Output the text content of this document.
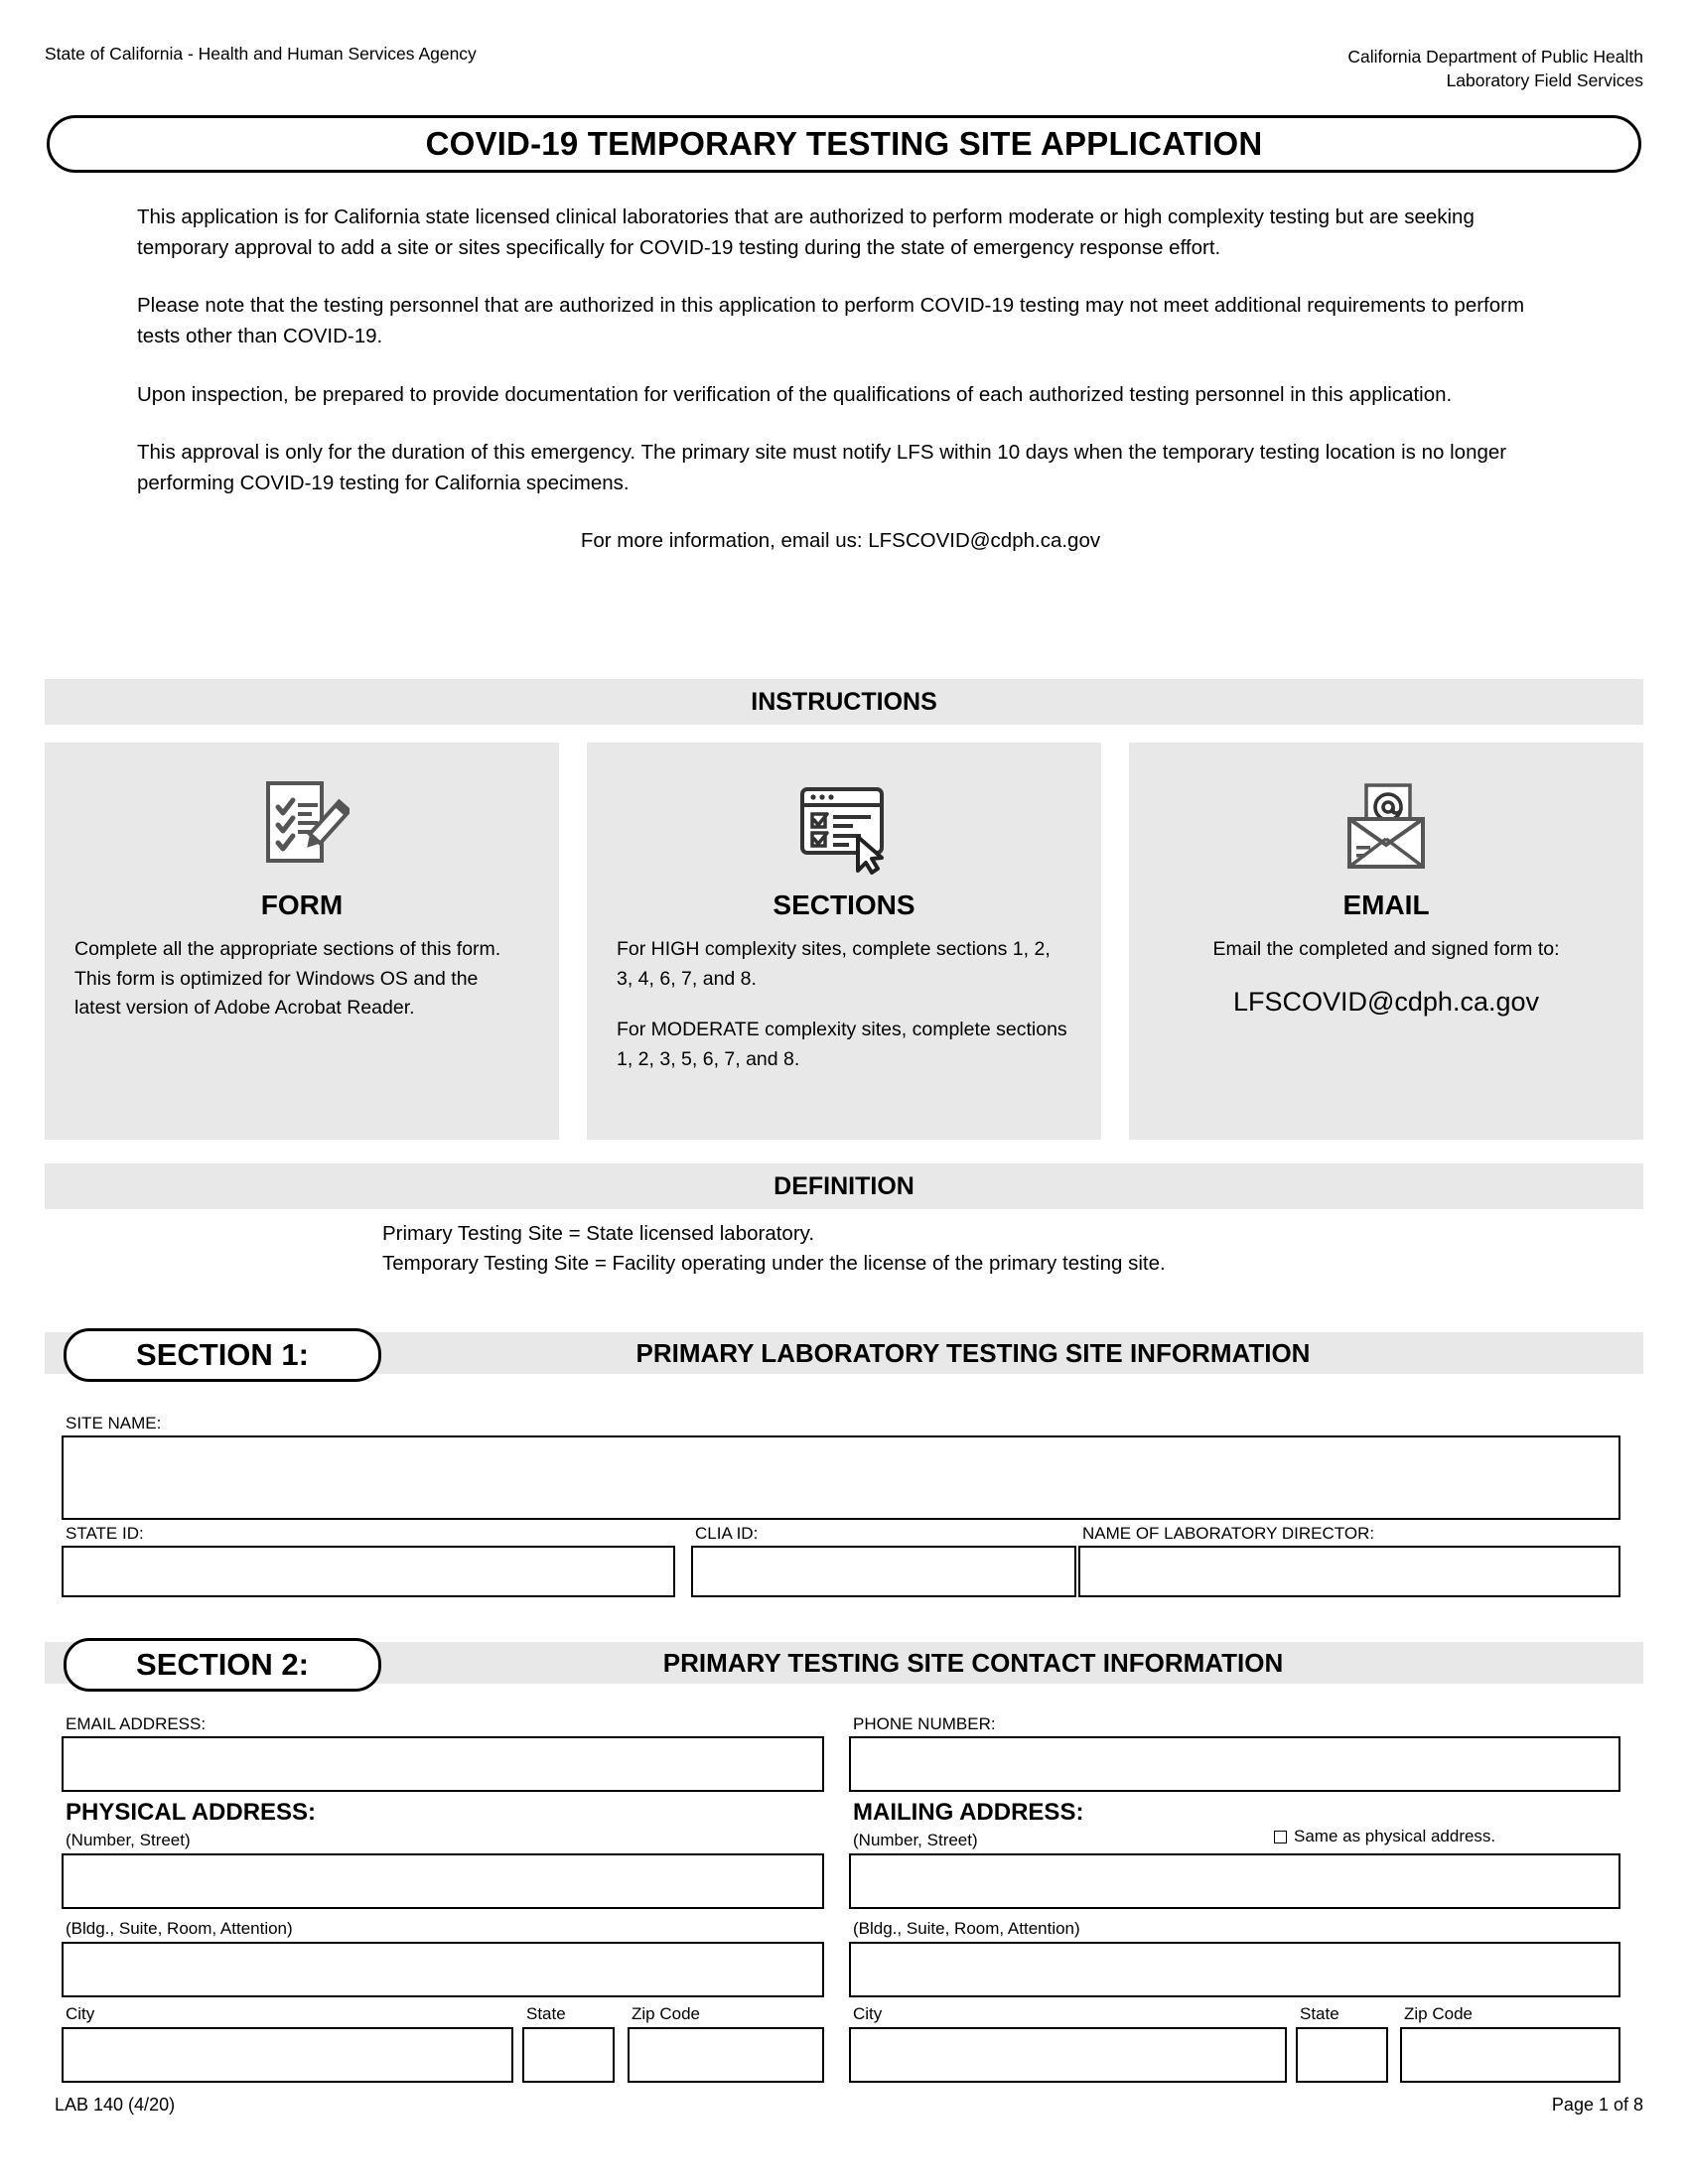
State of California - Health and Human Services Agency	California Department of Public Health
Laboratory Field Services
COVID-19 TEMPORARY TESTING SITE APPLICATION

This application is for California state licensed clinical laboratories that are authorized to perform moderate or high complexity testing but are seeking temporary approval to add a site or sites specifically for COVID-19 testing during the state of emergency response effort.

Please note that the testing personnel that are authorized in this application to perform COVID-19 testing may not meet additional requirements to perform tests other than COVID-19.

Upon inspection, be prepared to provide documentation for verification of the qualifications of each authorized testing personnel in this application.

This approval is only for the duration of this emergency. The primary site must notify LFS within 10 days when the temporary testing location is no longer performing COVID-19 testing for California specimens.

For more information, email us: LFSCOVID@cdph.ca.gov

INSTRUCTIONS
FORM

Complete all the appropriate sections of this form. This form is optimized for Windows OS and the latest version of Adobe Acrobat Reader.

SECTIONS

For HIGH complexity sites, complete sections 1, 2, 3, 4, 6, 7, and 8.

For MODERATE complexity sites, complete sections 1, 2, 3, 5, 6, 7, and 8.

EMAIL

Email the completed and signed form to:

LFSCOVID@cdph.ca.gov
DEFINITION
Primary Testing Site = State licensed laboratory.
Temporary Testing Site = Facility operating under the license of the primary testing site.
SECTION 1:	PRIMARY LABORATORY TESTING SITE INFORMATION
SITE NAME:
STATE ID:	CLIA ID:	NAME OF LABORATORY DIRECTOR:
SECTION 2:	PRIMARY TESTING SITE CONTACT INFORMATION
EMAIL ADDRESS:	PHONE NUMBER:
PHYSICAL ADDRESS:
(Number, Street)
(Bldg., Suite, Room, Attention)
City	State	Zip Code
MAILING ADDRESS:
(Number, Street)	Same as physical address.
(Bldg., Suite, Room, Attention)
City	State	Zip Code
LAB 140 (4/20)	Page 1 of 8
